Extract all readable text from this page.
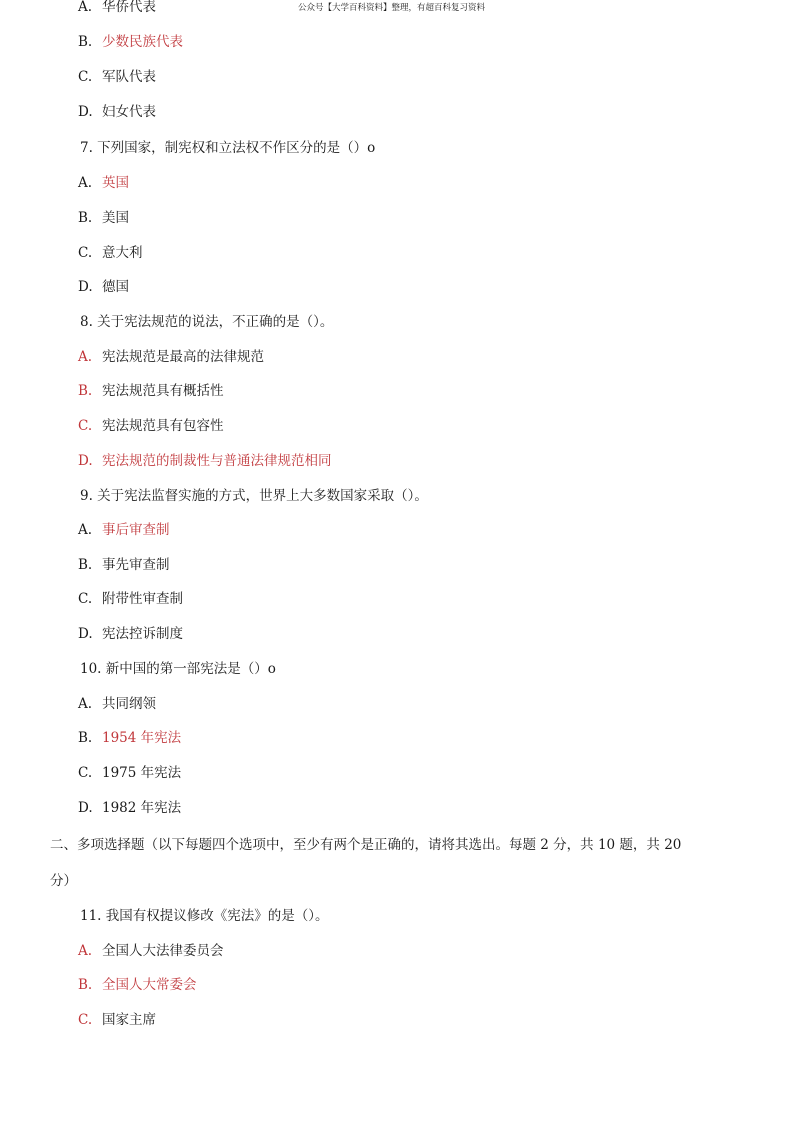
公众号【大学百科资料】整理，有超百科复习资料
A. 华侨代表
B. 少数民族代表
C. 军队代表
D. 妇女代表
7. 下列国家，制宪权和立法权不作区分的是（）o
A. 英国
B. 美国
C. 意大利
D. 德国
8. 关于宪法规范的说法，不正确的是（）。
A. 宪法规范是最高的法律规范
B. 宪法规范具有概括性
C. 宪法规范具有包容性
D. 宪法规范的制裁性与普通法律规范相同
9. 关于宪法监督实施的方式，世界上大多数国家采取（）。
A. 事后审查制
B. 事先审查制
C. 附带性审查制
D. 宪法控诉制度
10. 新中国的第一部宪法是（）o
A. 共同纲领
B. 1954 年宪法
C. 1975 年宪法
D. 1982 年宪法
二、多项选择题（以下每题四个选项中，至少有两个是正确的，请将其选出。每题 2 分，共 10 题，共 20
分）
11. 我国有权提议修改《宪法》的是（）。
A. 全国人大法律委员会
B. 全国人大常委会
C. 国家主席
